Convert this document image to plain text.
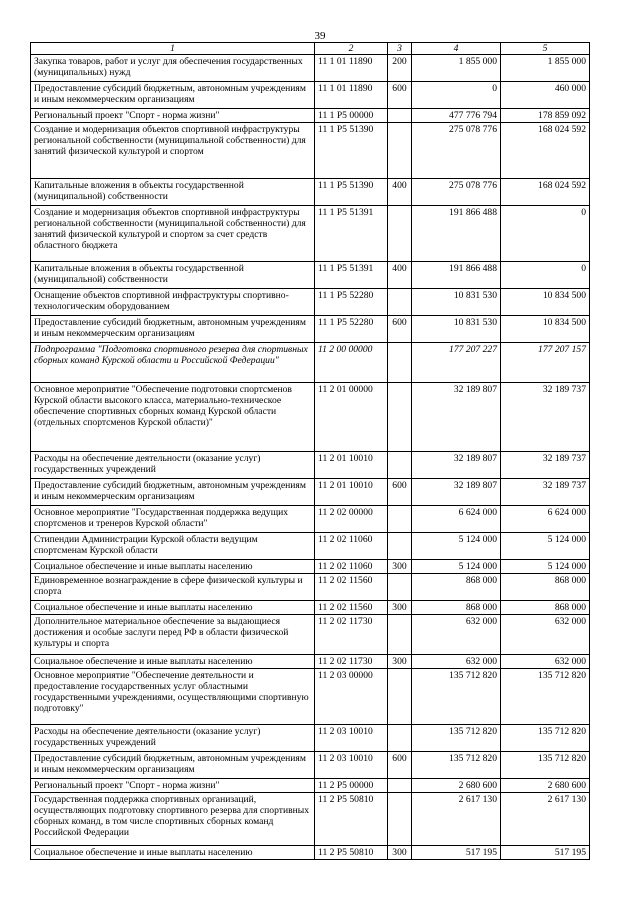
39
1	2	3	4	5
Закупка товаров, работ и услуг для обеспечения государственных (муниципальных) нужд	11 1 01 11890	200	1 855 000	1 855 000
Предоставление субсидий бюджетным, автономным учреждениям и иным некоммерческим организациям	11 1 01 11890	600	0	460 000
Региональный проект "Спорт - норма жизни"	11 1 P5 00000		477 776 794	178 859 092
Создание и модернизация объектов спортивной инфраструктуры региональной собственности (муниципальной собственности) для занятий физической культурой и спортом	11 1 P5 51390		275 078 776	168 024 592
Капитальные вложения в объекты государственной (муниципальной) собственности	11 1 P5 51390	400	275 078 776	168 024 592
Создание и модернизация объектов спортивной инфраструктуры региональной собственности (муниципальной собственности) для занятий физической культурой и спортом за счет средств областного бюджета	11 1 P5 51391		191 866 488	0
Капитальные вложения в объекты государственной (муниципальной) собственности	11 1 P5 51391	400	191 866 488	0
Оснащение объектов спортивной инфраструктуры спортивно-технологическим оборудованием	11 1 P5 52280		10 831 530	10 834 500
Предоставление субсидий бюджетным, автономным учреждениям и иным некоммерческим организациям	11 1 P5 52280	600	10 831 530	10 834 500
Подпрограмма "Подготовка спортивного резерва для спортивных сборных команд Курской области и Российской Федерации"	11 2 00 00000		177 207 227	177 207 157
Основное мероприятие "Обеспечение подготовки спортсменов Курской области высокого класса, материально-техническое обеспечение спортивных сборных команд Курской области (отдельных спортсменов Курской области)"	11 2 01 00000		32 189 807	32 189 737
Расходы на обеспечение деятельности (оказание услуг) государственных учреждений	11 2 01 10010		32 189 807	32 189 737
Предоставление субсидий бюджетным, автономным учреждениям и иным некоммерческим организациям	11 2 01 10010	600	32 189 807	32 189 737
Основное мероприятие "Государственная поддержка ведущих спортсменов и тренеров Курской области"	11 2 02 00000		6 624 000	6 624 000
Стипендии Администрации Курской области ведущим спортсменам Курской области	11 2 02 11060		5 124 000	5 124 000
Социальное обеспечение и иные выплаты населению	11 2 02 11060	300	5 124 000	5 124 000
Единовременное вознаграждение в сфере физической культуры и спорта	11 2 02 11560		868 000	868 000
Социальное обеспечение и иные выплаты населению	11 2 02 11560	300	868 000	868 000
Дополнительное материальное обеспечение за выдающиеся достижения и особые заслуги перед РФ в области физической культуры и спорта	11 2 02 11730		632 000	632 000
Социальное обеспечение и иные выплаты населению	11 2 02 11730	300	632 000	632 000
Основное мероприятие "Обеспечение деятельности и предоставление государственных услуг областными государственными учреждениями, осуществляющими спортивную подготовку"	11 2 03 00000		135 712 820	135 712 820
Расходы на обеспечение деятельности (оказание услуг) государственных учреждений	11 2 03 10010		135 712 820	135 712 820
Предоставление субсидий бюджетным, автономным учреждениям и иным некоммерческим организациям	11 2 03 10010	600	135 712 820	135 712 820
Региональный проект "Спорт - норма жизни"	11 2 P5 00000		2 680 600	2 680 600
Государственная поддержка спортивных организаций, осуществляющих подготовку спортивного резерва для спортивных сборных команд, в том числе спортивных сборных команд Российской Федерации	11 2 P5 50810		2 617 130	2 617 130
Социальное обеспечение и иные выплаты населению	11 2 P5 50810	300	517 195	517 195
